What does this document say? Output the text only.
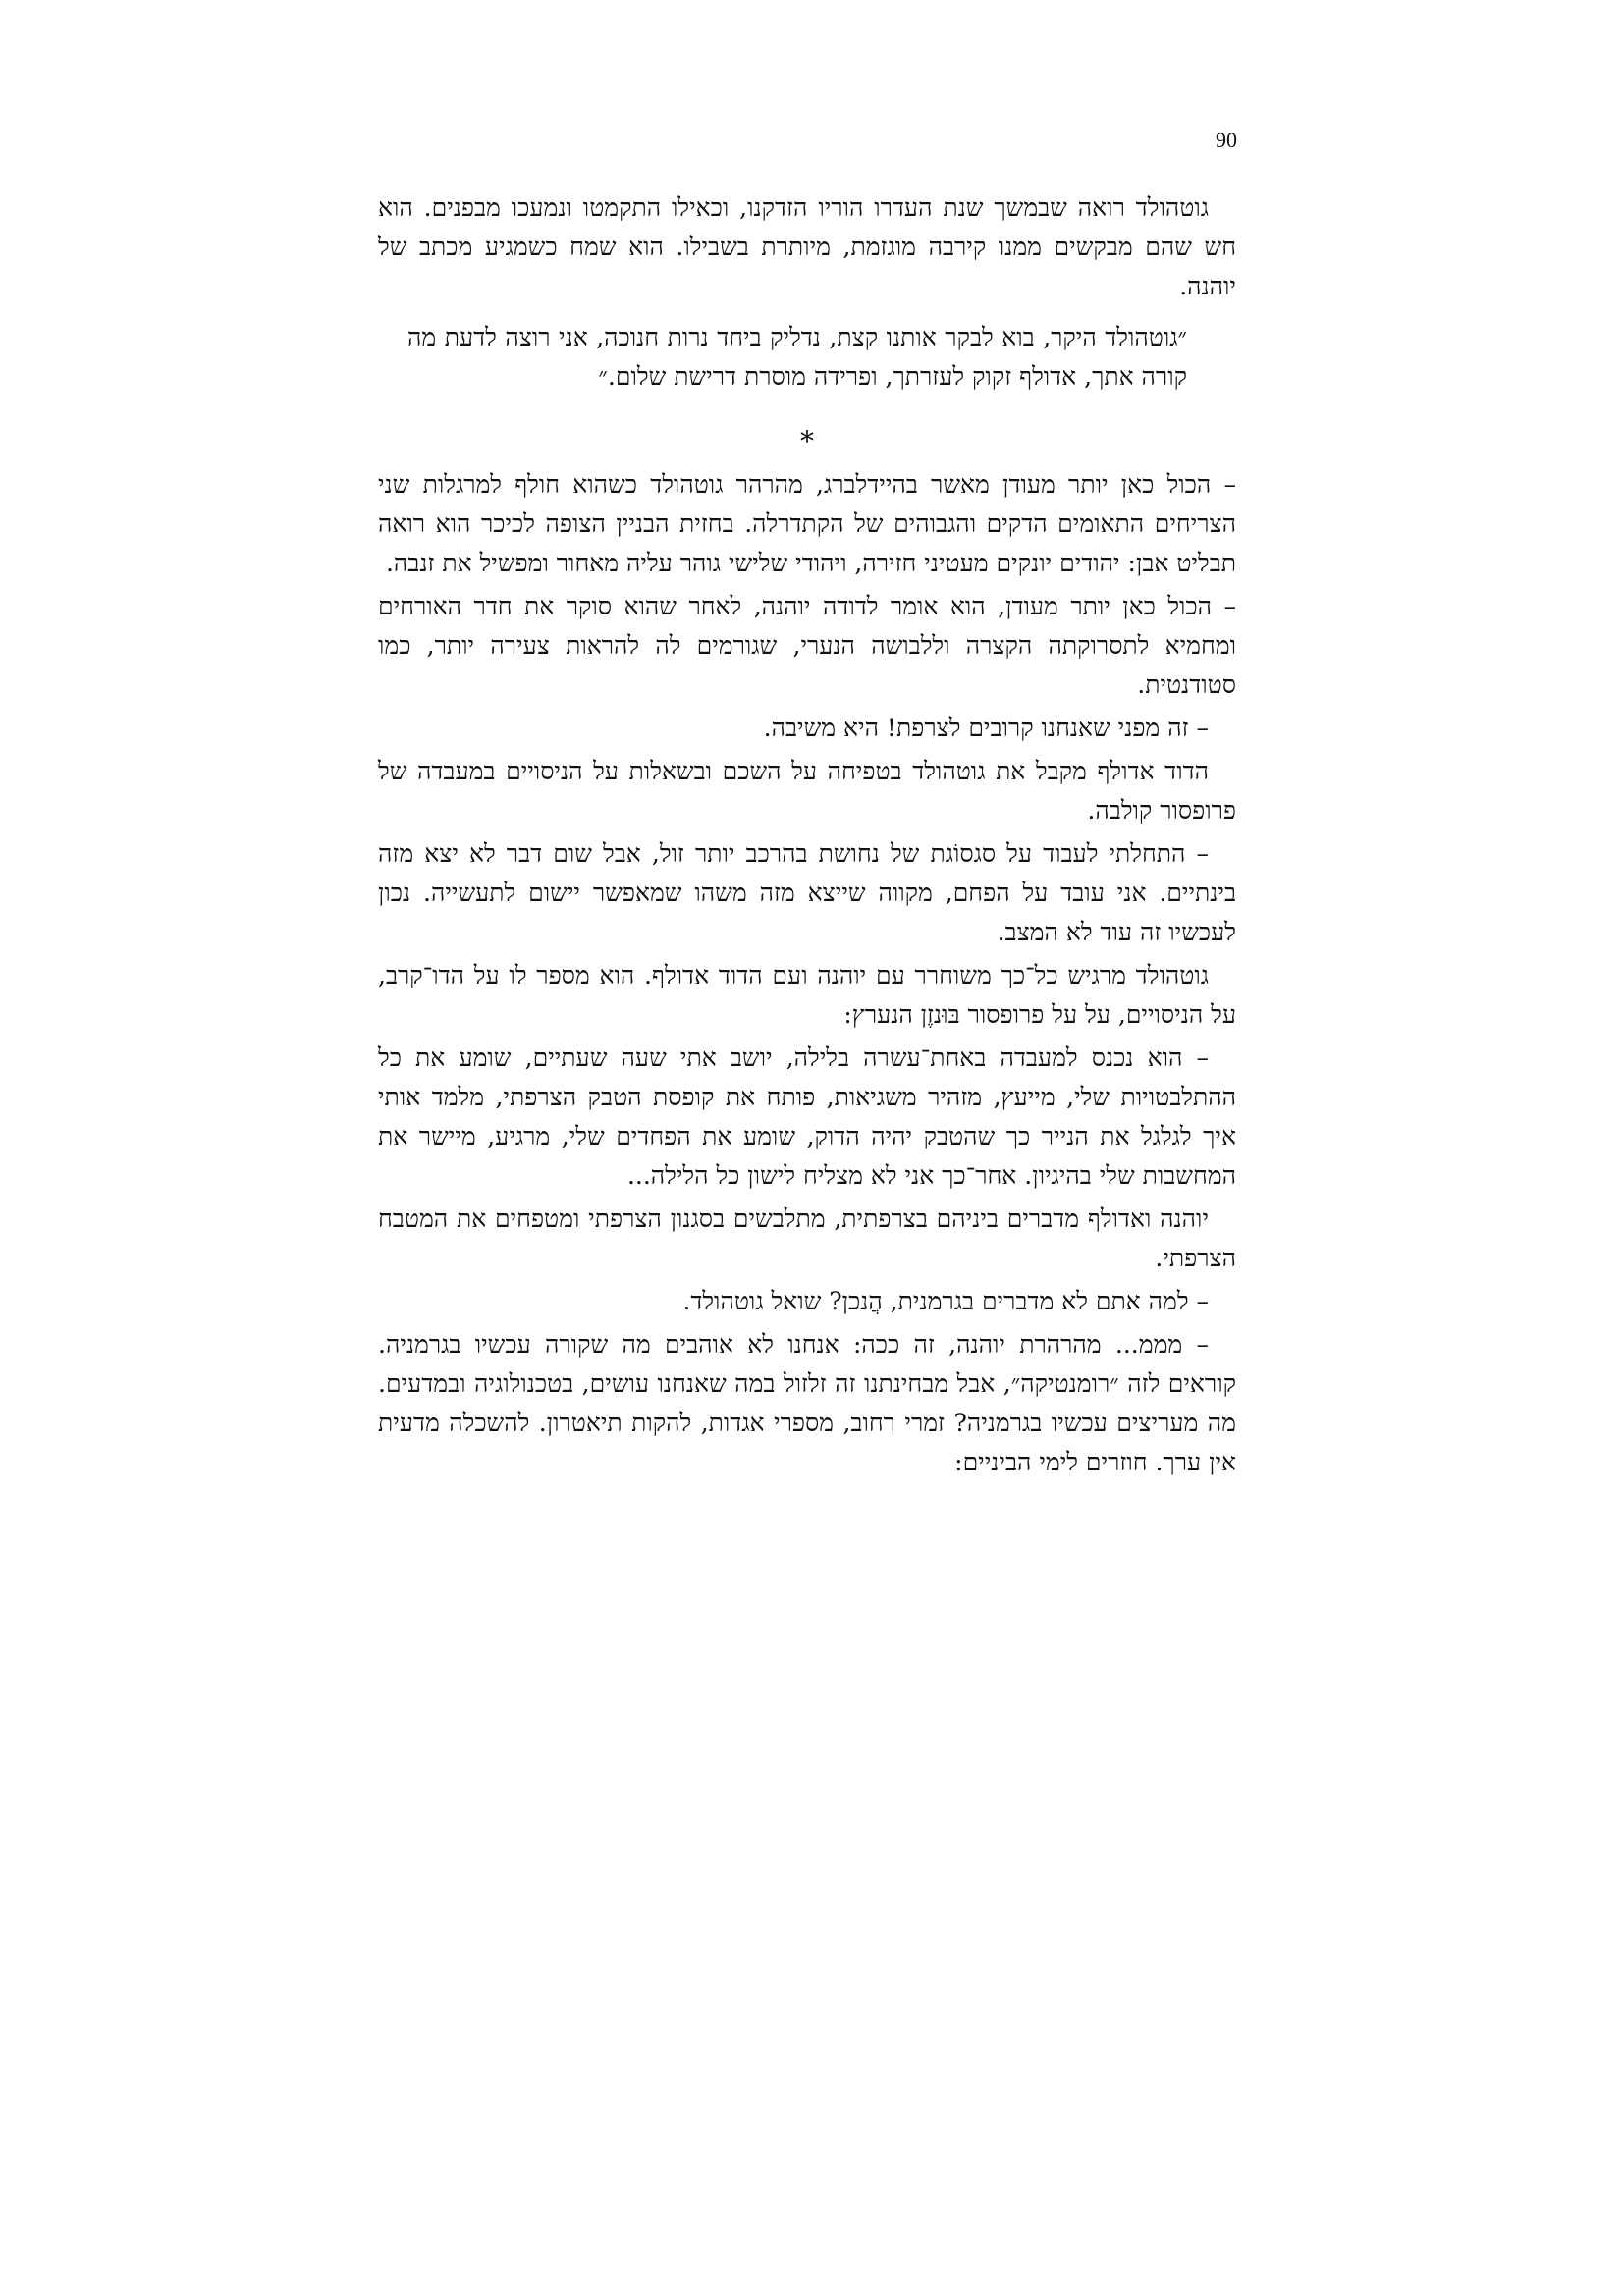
90

גוטהולד רואה שבמשך שנת העדרו הוריו הזדקנו, וכאילו התקמטו ונמעכו מבפנים. הוא חש שהם מבקשים ממנו קירבה מוגזמת, מיותרת בשבילו. הוא שמח כשמגיע מכתב של יוהנה.

״גוטהולד היקר, בוא לבקר אותנו קצת, נדליק ביחד נרות חנוכה, אני רוצה לדעת מה קורה אתך, אדולף זקוק לעזרתך, ופרידה מוסרת דרישת שלום.״
*

– הכול כאן יותר מעודן מאשר בהיידלברג, מהרהר גוטהולד כשהוא חולף למרגלות שני הצריחים התאומים הדקים והגבוהים של הקתדרלה. בחזית הבניין הצופה לכיכר הוא רואה תבליט אבן: יהודים יונקים מעטיני חזירה, ויהודי שלישי גוהר עליה מאחור ומפשיל את זנבה.

– הכול כאן יותר מעודן, הוא אומר לדודה יוהנה, לאחר שהוא סוקר את חדר האורחים ומחמיא לתסרוקתה הקצרה וללבושה הנערי, שגורמים לה להראות צעירה יותר, כמו סטודנטית.

– זה מפני שאנחנו קרובים לצרפת! היא משיבה.

הדוד אדולף מקבל את גוטהולד בטפיחה על השכם ובשאלות על הניסויים במעבדה של פרופסור קולבה.

– התחלתי לעבוד על סגסוֹגת של נחושת בהרכב יותר זול, אבל שום דבר לא יצא מזה בינתיים. אני עובד על הפחם, מקווה שייצא מזה משהו שמאפשר יישום לתעשייה. נכון לעכשיו זה עוד לא המצב.

גוטהולד מרגיש כל־כך משוחרר עם יוהנה ועם הדוד אדולף. הוא מספר לו על הדו־קרב, על הניסויים, על על פרופסור בּוּנזֶן הנערץ:

– הוא נכנס למעבדה באחת־עשרה בלילה, יושב אתי שעה שעתיים, שומע את כל ההתלבטויות שלי, מייעץ, מזהיר משגיאות, פותח את קופסת הטבק הצרפתי, מלמד אותי איך לגלגל את הנייר כך שהטבק יהיה הדוק, שומע את הפחדים שלי, מרגיע, מיישר את המחשבות שלי בהיגיון. אחר־כך אני לא מצליח לישון כל הלילה...

יוהנה ואדולף מדברים ביניהם בצרפתית, מתלבשים בסגנון הצרפתי ומטפחים את המטבח הצרפתי.

– למה אתם לא מדברים בגרמנית, הֲנכן? שואל גוטהולד.

– מממ... מהרהרת יוהנה, זה ככה: אנחנו לא אוהבים מה שקורה עכשיו בגרמניה. קוראים לזה ״רומנטיקה״, אבל מבחינתנו זה זלזול במה שאנחנו עושים, בטכנולוגיה ובמדעים. מה מעריצים עכשיו בגרמניה? זמרי רחוב, מספרי אגדות, להקות תיאטרון. להשכלה מדעית אין ערך. חוזרים לימי הביניים:
